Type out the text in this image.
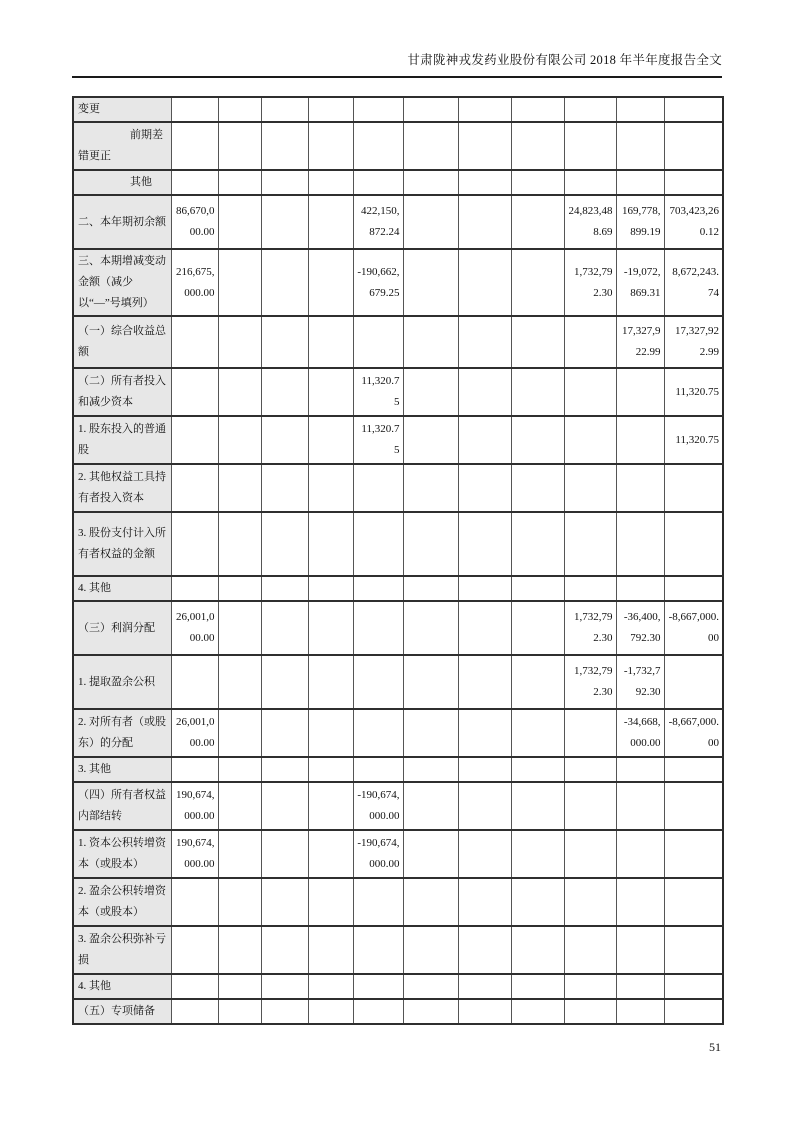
甘肃陇神戎发药业股份有限公司 2018 年半年度报告全文
变更											
前期差错更正											
其他											
二、本年期初余额	86,670,000.00				422,150,872.24				24,823,488.69	169,778,899.19	703,423,260.12
三、本期增减变动金额（减少以“—”号填列）	216,675,000.00				-190,662,679.25				1,732,792.30	-19,072,869.31	8,672,243.74
（一）综合收益总额										17,327,922.99	17,327,922.99
（二）所有者投入和减少资本					11,320.75						11,320.75
1. 股东投入的普通股					11,320.75						11,320.75
2. 其他权益工具持有者投入资本											
3. 股份支付计入所有者权益的金额											
4. 其他											
（三）利润分配	26,001,000.00								1,732,792.30	-36,400,792.30	-8,667,000.00
1. 提取盈余公积									1,732,792.30	-1,732,792.30	
2. 对所有者（或股东）的分配	26,001,000.00									-34,668,000.00	-8,667,000.00
3. 其他											
（四）所有者权益内部结转	190,674,000.00				-190,674,000.00						
1. 资本公积转增资本（或股本）	190,674,000.00				-190,674,000.00						
2. 盈余公积转增资本（或股本）											
3. 盈余公积弥补亏损											
4. 其他											
（五）专项储备											
51
